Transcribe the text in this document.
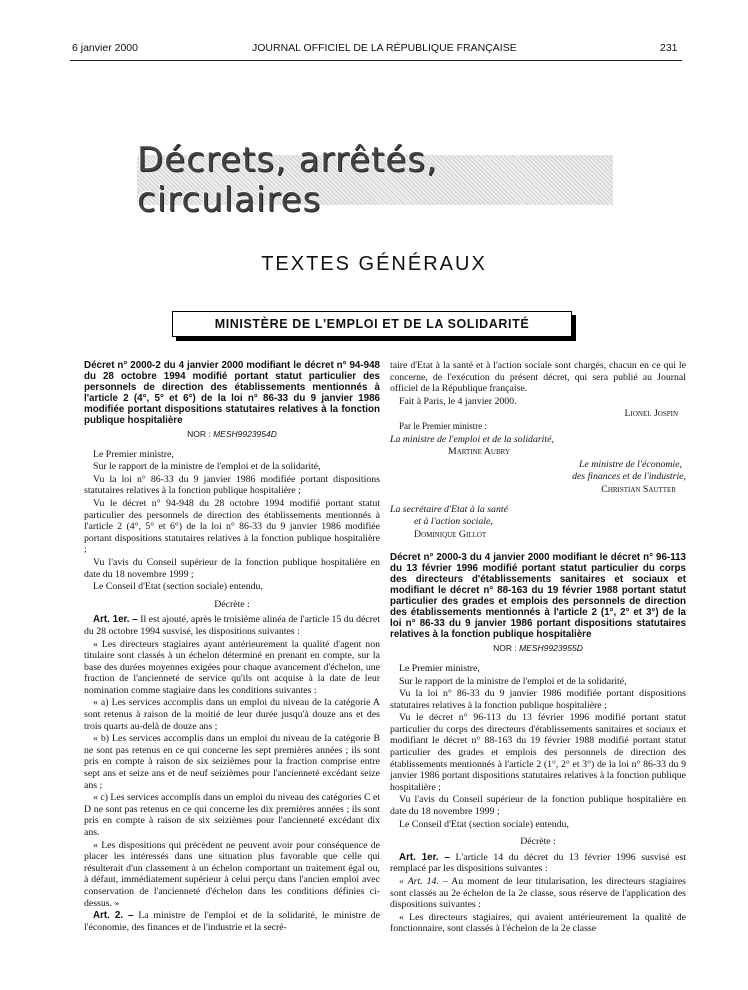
6 janvier 2000	JOURNAL OFFICIEL DE LA RÉPUBLIQUE FRANÇAISE	231
Décrets, arrêtés, circulaires
TEXTES GÉNÉRAUX
MINISTÈRE DE L'EMPLOI ET DE LA SOLIDARITÉ

Décret n° 2000-2 du 4 janvier 2000 modifiant le décret n° 94-948 du 28 octobre 1994 modifié portant statut particulier des personnels de direction des établissements mentionnés à l'article 2 (4°, 5° et 6°) de la loi n° 86-33 du 9 janvier 1986 modifiée portant dispositions statutaires relatives à la fonction publique hospitalière

NOR : MESH9923954D

Le Premier ministre,

Sur le rapport de la ministre de l'emploi et de la solidarité,

Vu la loi n° 86-33 du 9 janvier 1986 modifiée portant dispositions statutaires relatives à la fonction publique hospitalière ;

Vu le décret n° 94-948 du 28 octobre 1994 modifié portant statut particulier des personnels de direction des établissements mentionnés à l'article 2 (4°, 5° et 6°) de la loi n° 86-33 du 9 janvier 1986 modifiée portant dispositions statutaires relatives à la fonction publique hospitalière ;

Vu l'avis du Conseil supérieur de la fonction publique hospitalière en date du 18 novembre 1999 ;

Le Conseil d'Etat (section sociale) entendu,

Décrète :

Art. 1er. – Il est ajouté, après le troisième alinéa de l'article 15 du décret du 28 octobre 1994 susvisé, les dispositions suivantes :

« Les directeurs stagiaires ayant antérieurement la qualité d'agent non titulaire sont classés à un échelon déterminé en prenant en compte, sur la base des durées moyennes exigées pour chaque avancement d'échelon, une fraction de l'ancienneté de service qu'ils ont acquise à la date de leur nomination comme stagiaire dans les conditions suivantes :

« a) Les services accomplis dans un emploi du niveau de la catégorie A sont retenus à raison de la moitié de leur durée jusqu'à douze ans et des trois quarts au-delà de douze ans ;

« b) Les services accomplis dans un emploi du niveau de la catégorie B ne sont pas retenus en ce qui concerne les sept premières années ; ils sont pris en compte à raison de six seizièmes pour la fraction comprise entre sept ans et seize ans et de neuf seizièmes pour l'ancienneté excédant seize ans ;

« c) Les services accomplis dans un emploi du niveau des catégories C et D ne sont pas retenus en ce qui concerne les dix premières années ; ils sont pris en compte à raison de six seizièmes pour l'ancienneté excédant dix ans.

« Les dispositions qui précèdent ne peuvent avoir pour conséquence de placer les intéressés dans une situation plus favorable que celle qui résulterait d'un classement à un échelon comportant un traitement égal ou, à défaut, immédiatement supérieur à celui perçu dans l'ancien emploi avec conservation de l'ancienneté d'échelon dans les conditions définies ci-dessus. »

Art. 2. – La ministre de l'emploi et de la solidarité, le ministre de l'économie, des finances et de l'industrie et la secré-

taire d'Etat à la santé et à l'action sociale sont chargés, chacun en ce qui le concerne, de l'exécution du présent décret, qui sera publié au Journal officiel de la République française.

Fait à Paris, le 4 janvier 2000.

Lionel Jospin

Par le Premier ministre :

La ministre de l'emploi et de la solidarité,

Martine Aubry

Le ministre de l'économie,

des finances et de l'industrie,

Christian Sautter

La secrétaire d'Etat à la santé

et à l'action sociale,

Dominique Gillot

Décret n° 2000-3 du 4 janvier 2000 modifiant le décret n° 96-113 du 13 février 1996 modifié portant statut particulier du corps des directeurs d'établissements sanitaires et sociaux et modifiant le décret n° 88-163 du 19 février 1988 portant statut particulier des grades et emplois des personnels de direction des établissements mentionnés à l'article 2 (1°, 2° et 3°) de la loi n° 86-33 du 9 janvier 1986 portant dispositions statutaires relatives à la fonction publique hospitalière

NOR : MESH9923955D

Le Premier ministre,

Sur le rapport de la ministre de l'emploi et de la solidarité,

Vu la loi n° 86-33 du 9 janvier 1986 modifiée portant dispositions statutaires relatives à la fonction publique hospitalière ;

Vu le décret n° 96-113 du 13 février 1996 modifié portant statut particulier du corps des directeurs d'établissements sanitaires et sociaux et modifiant le décret n° 88-163 du 19 février 1988 modifié portant statut particulier des grades et emplois des personnels de direction des établissements mentionnés à l'article 2 (1°, 2° et 3°) de la loi n° 86-33 du 9 janvier 1986 portant dispositions statutaires relatives à la fonction publique hospitalière ;

Vu l'avis du Conseil supérieur de la fonction publique hospitalière en date du 18 novembre 1999 ;

Le Conseil d'Etat (section sociale) entendu,

Décrète :

Art. 1er. – L'article 14 du décret du 13 février 1996 susvisé est remplacé par les dispositions suivantes :

« Art. 14. – Au moment de leur titularisation, les directeurs stagiaires sont classés au 2e échelon de la 2e classe, sous réserve de l'application des dispositions suivantes :

« Les directeurs stagiaires, qui avaient antérieurement la qualité de fonctionnaire, sont classés à l'échelon de la 2e classe
